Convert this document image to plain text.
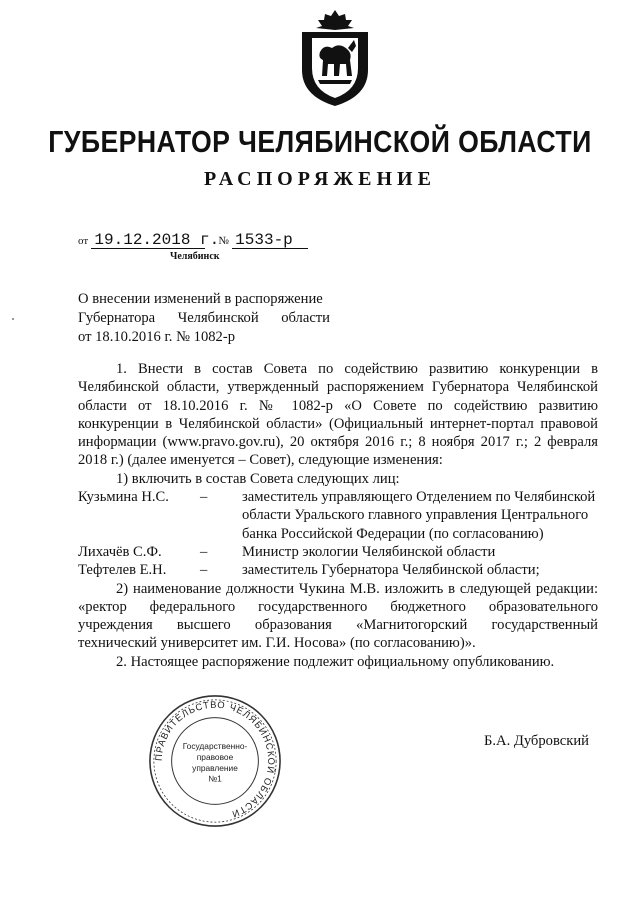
ГУБЕРНАТОР ЧЕЛЯБИНСКОЙ ОБЛАСТИ
РАСПОРЯЖЕНИЕ
от 19.12.2018 г.    № 1533-р
Челябинск
О внесении изменений в распоряжение

Губернатора Челябинской области
от 18.10.2016 г. № 1082-р

1. Внести в состав Совета по содействию развитию конкуренции в Челябинской области, утвержденный распоряжением Губернатора Челябинской области от 18.10.2016 г. № 1082-р «О Совете по содействию развитию конкуренции в Челябинской области» (Официальный интернет-портал правовой информации (www.pravo.gov.ru), 20 октября 2016 г.; 8 ноября 2017 г.; 2 февраля 2018 г.) (далее именуется – Совет), следующие изменения:

1) включить в состав Совета следующих лиц:

Кузьмина Н.С.	–	заместитель управляющего Отделением по Челябинской области Уральского главного управления Центрального банка Российской Федерации (по согласованию)
Лихачёв С.Ф.	–	Министр экологии Челябинской области
Тефтелев Е.Н.	–	заместитель Губернатора Челябинской области;

2) наименование должности Чукина М.В. изложить в следующей редакции: «ректор федерального государственного бюджетного образовательного учреждения высшего образования «Магнитогорский государственный технический университет им. Г.И. Носова» (по согласованию)».

2. Настоящее распоряжение подлежит официальному опубликованию.

ПРАВИТЕЛЬСТВО ЧЕЛЯБИНСКОЙ ОБЛАСТИ
Государственно-
правовое
управление
№1
Б.А. Дубровский
